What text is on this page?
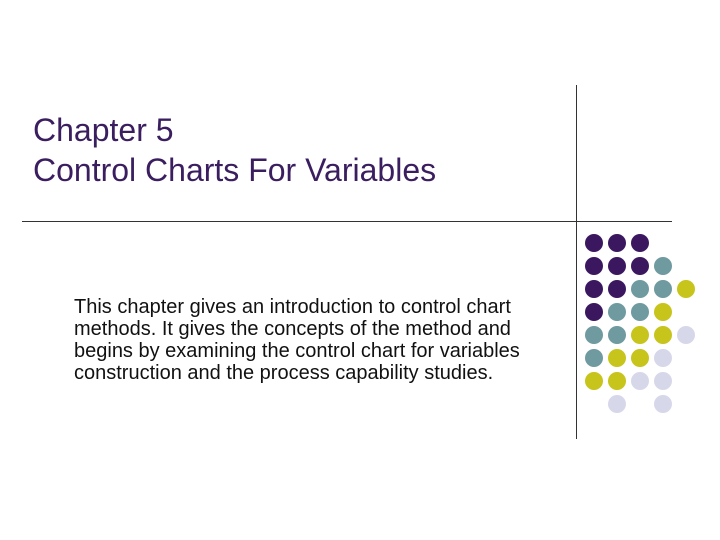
Chapter 5
Control Charts For Variables

This chapter gives an introduction to control chart methods. It gives the concepts of the method and begins by examining the control chart for variables construction and the process capability studies.
